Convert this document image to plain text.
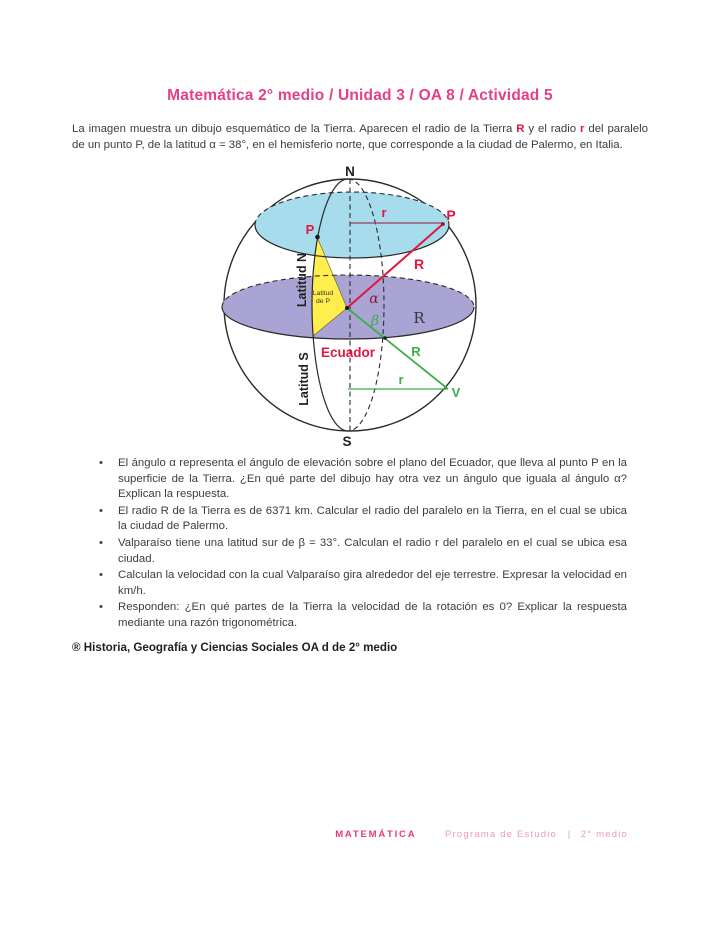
Matemática 2° medio / Unidad 3 / OA 8 / Actividad 5

La imagen muestra un dibujo esquemático de la Tierra. Aparecen el radio de la Tierra R y el radio r del paralelo de un punto P, de la latitud α = 38°, en el hemisferio norte, que corresponde a la ciudad de Palermo, en Italia.

N
S
P
P
r
R
α
β R
Ecuador	R
r
V
Latitud N
Latitud S
Latitud
de P
• El ángulo α representa el ángulo de elevación sobre el plano del Ecuador, que lleva al punto P en la superficie de la Tierra. ¿En qué parte del dibujo hay otra vez un ángulo que iguala al ángulo α? Explican la respuesta.
• El radio R de la Tierra es de 6371 km. Calcular el radio del paralelo en la Tierra, en el cual se ubica la ciudad de Palermo.
• Valparaíso tiene una latitud sur de β = 33°. Calculan el radio r del paralelo en el cual se ubica esa ciudad.
• Calculan la velocidad con la cual Valparaíso gira alrededor del eje terrestre. Expresar la velocidad en km/h.
• Responden: ¿En qué partes de la Tierra la velocidad de la rotación es 0? Explicar la respuesta mediante una razón trigonométrica.

® Historia, Geografía y Ciencias Sociales OA d de 2° medio

MATEMÁTICA	Programa de Estudio | 2° medio
